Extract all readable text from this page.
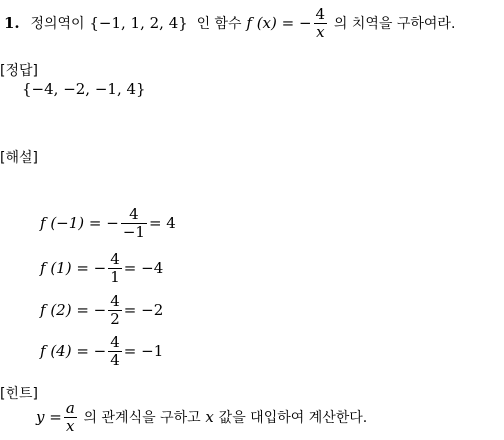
1. 정의역이 {−1, 1, 2, 4} 인 함수 f (x) = − $\frac{4}{x}$ 의 치역을 구하여라.
[정답]
{−4, −2, −1, 4}
[해설]
f (−1) = − $\frac{4}{-1} = 4$
f (1) = − $\frac{4}{1} = -4$
f (2) = − $\frac{4}{2} = -2$
f (4) = − $\frac{4}{4} = -1$
[힌트]
$y = \frac{a}{x}$ 의 관계식을 구하고 x 값을 대입하여 계산한다.
